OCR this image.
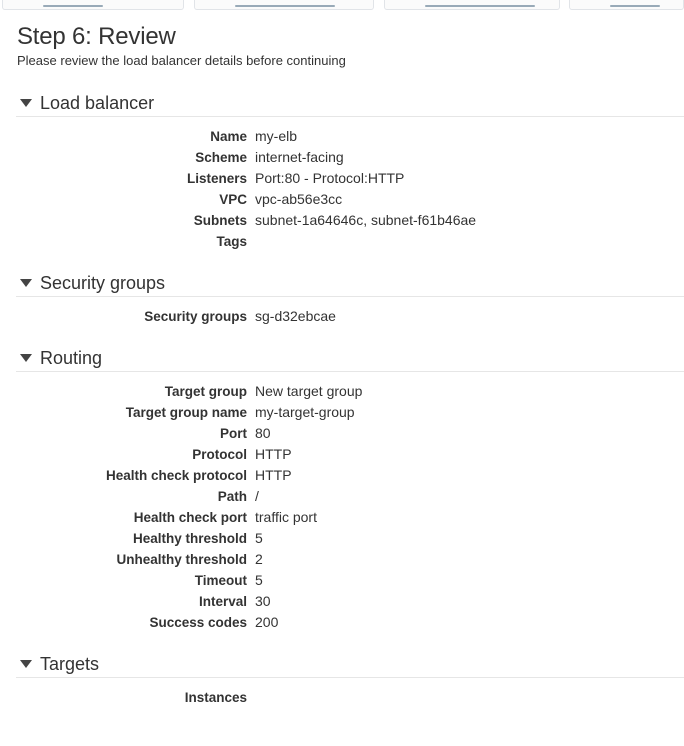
Step 6: Review
Please review the load balancer details before continuing
Load balancer
Name my-elb
Scheme internet-facing
Listeners Port:80 - Protocol:HTTP
VPC vpc-ab56e3cc
Subnets subnet-1a64646c, subnet-f61b46ae
Tags
Security groups
Security groups sg-d32ebcae
Routing
Target group New target group
Target group name my-target-group
Port 80
Protocol HTTP
Health check protocol HTTP
Path /
Health check port traffic port
Healthy threshold 5
Unhealthy threshold 2
Timeout 5
Interval 30
Success codes 200
Targets
Instances
